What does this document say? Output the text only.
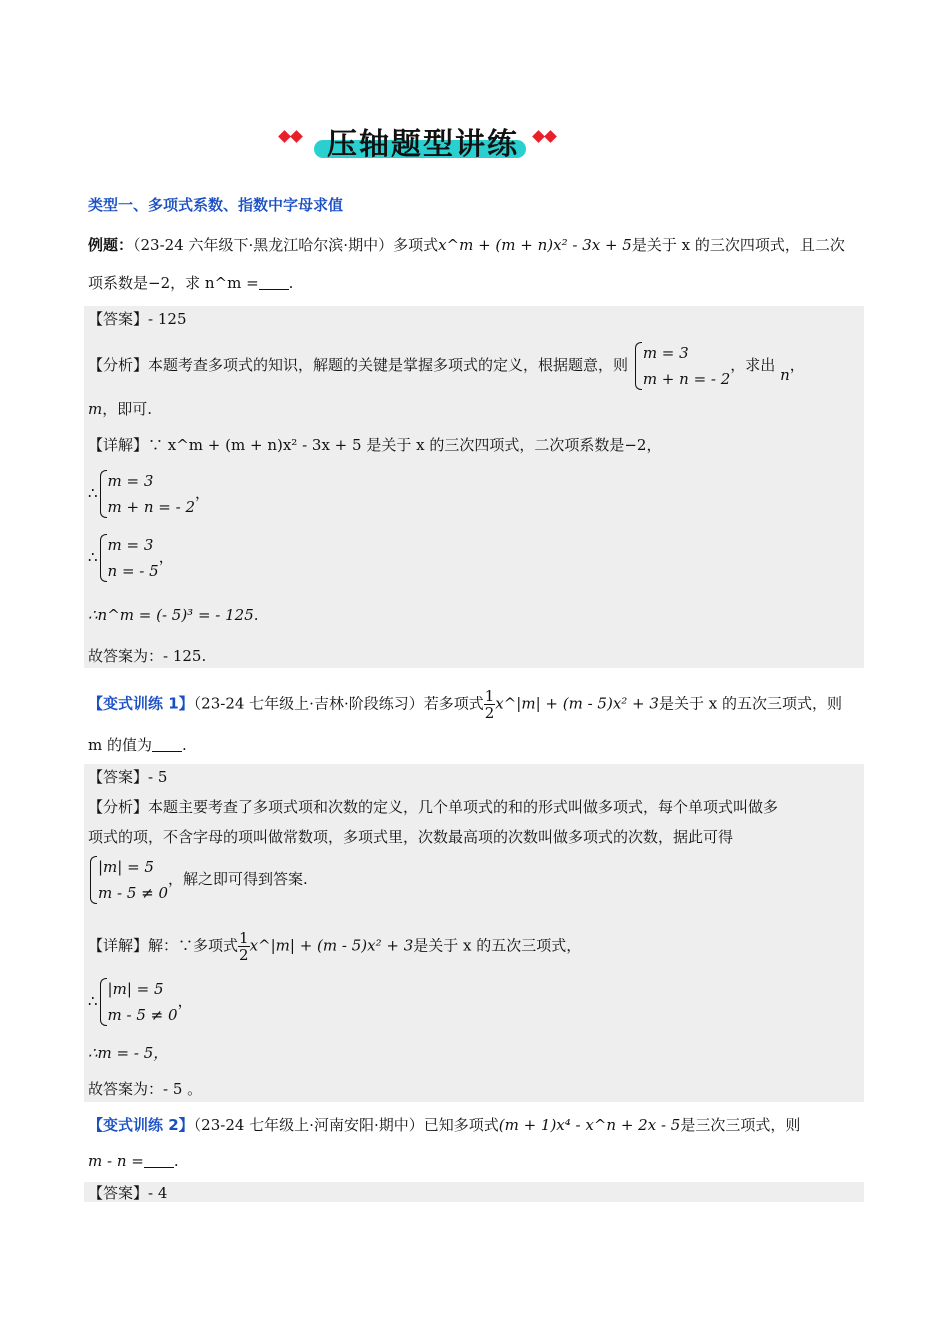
压轴题型讲练
类型一、多项式系数、指数中字母求值
例题：（23-24 六年级下·黑龙江哈尔滨·期中）多项式x^m + (m + n)x² - 3x + 5是关于 x 的三次四项式，且二次
项系数是−2，求 n^m = .
【答案】- 125
【分析】本题考查多项式的知识，解题的关键是掌握多项式的定义，根据题意，则
m = 3
m + n = - 2
，求出 n，
m，即可.
【详解】∵ x^m + (m + n)x² - 3x + 5 是关于 x 的三次四项式，二次项系数是−2，
∴
m = 3
m + n = - 2
，
∴
m = 3
n = - 5
，
∴n^m = (- 5)³ = - 125.
故答案为：- 125.
【变式训练 1】（23-24 七年级上·吉林·阶段练习）若多项式 $\frac{1}{2}$ x^|m| + (m - 5)x² + 3是关于 x 的五次三项式，则
m 的值为 .
【答案】- 5
【分析】本题主要考查了多项式项和次数的定义，几个单项式的和的形式叫做多项式，每个单项式叫做多
项式的项，不含字母的项叫做常数项，多项式里，次数最高项的次数叫做多项式的次数，据此可得
|m| = 5
m - 5 ≠ 0
，解之即可得到答案.
【详解】解：∵多项式 $\frac{1}{2}$ x^|m| + (m - 5)x² + 3是关于 x 的五次三项式，
∴
|m| = 5
m - 5 ≠ 0
，
∴m = - 5，
故答案为：- 5 。
【变式训练 2】（23-24 七年级上·河南安阳·期中）已知多项式(m + 1)x⁴ - x^n + 2x - 5是三次三项式，则
m - n = .
【答案】- 4
